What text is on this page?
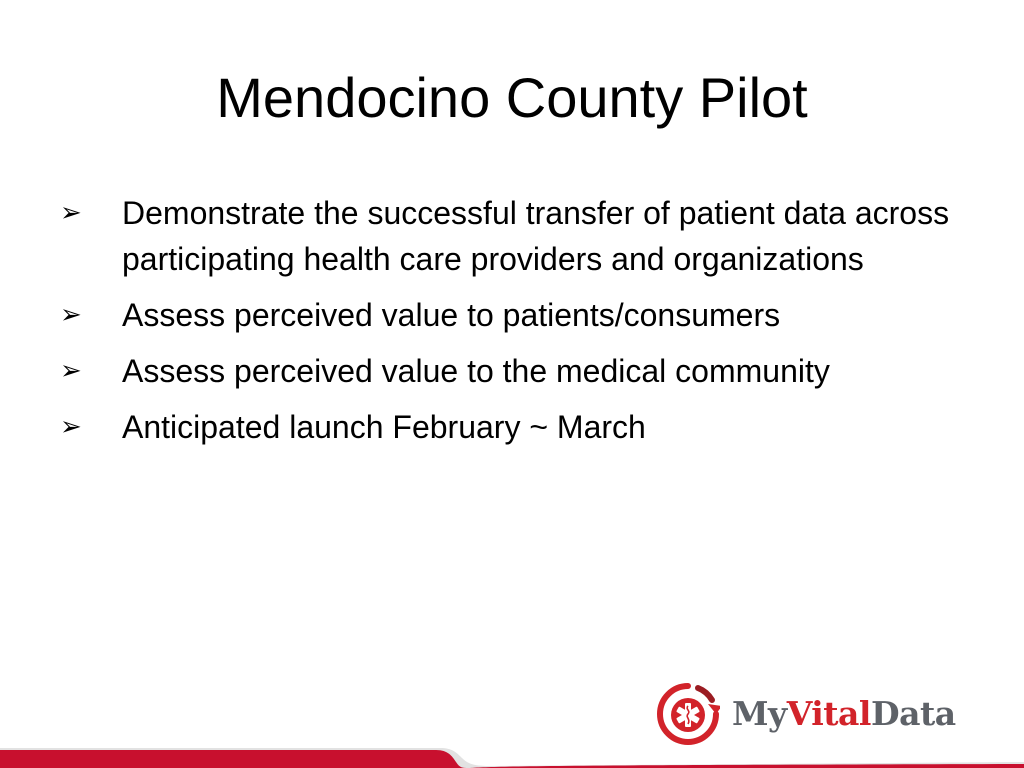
Mendocino County Pilot
➢ Demonstrate the successful transfer of patient data across participating health care providers and organizations
➢ Assess perceived value to patients/consumers
➢ Assess perceived value to the medical community
➢ Anticipated launch February ~ March
MyVitalData
